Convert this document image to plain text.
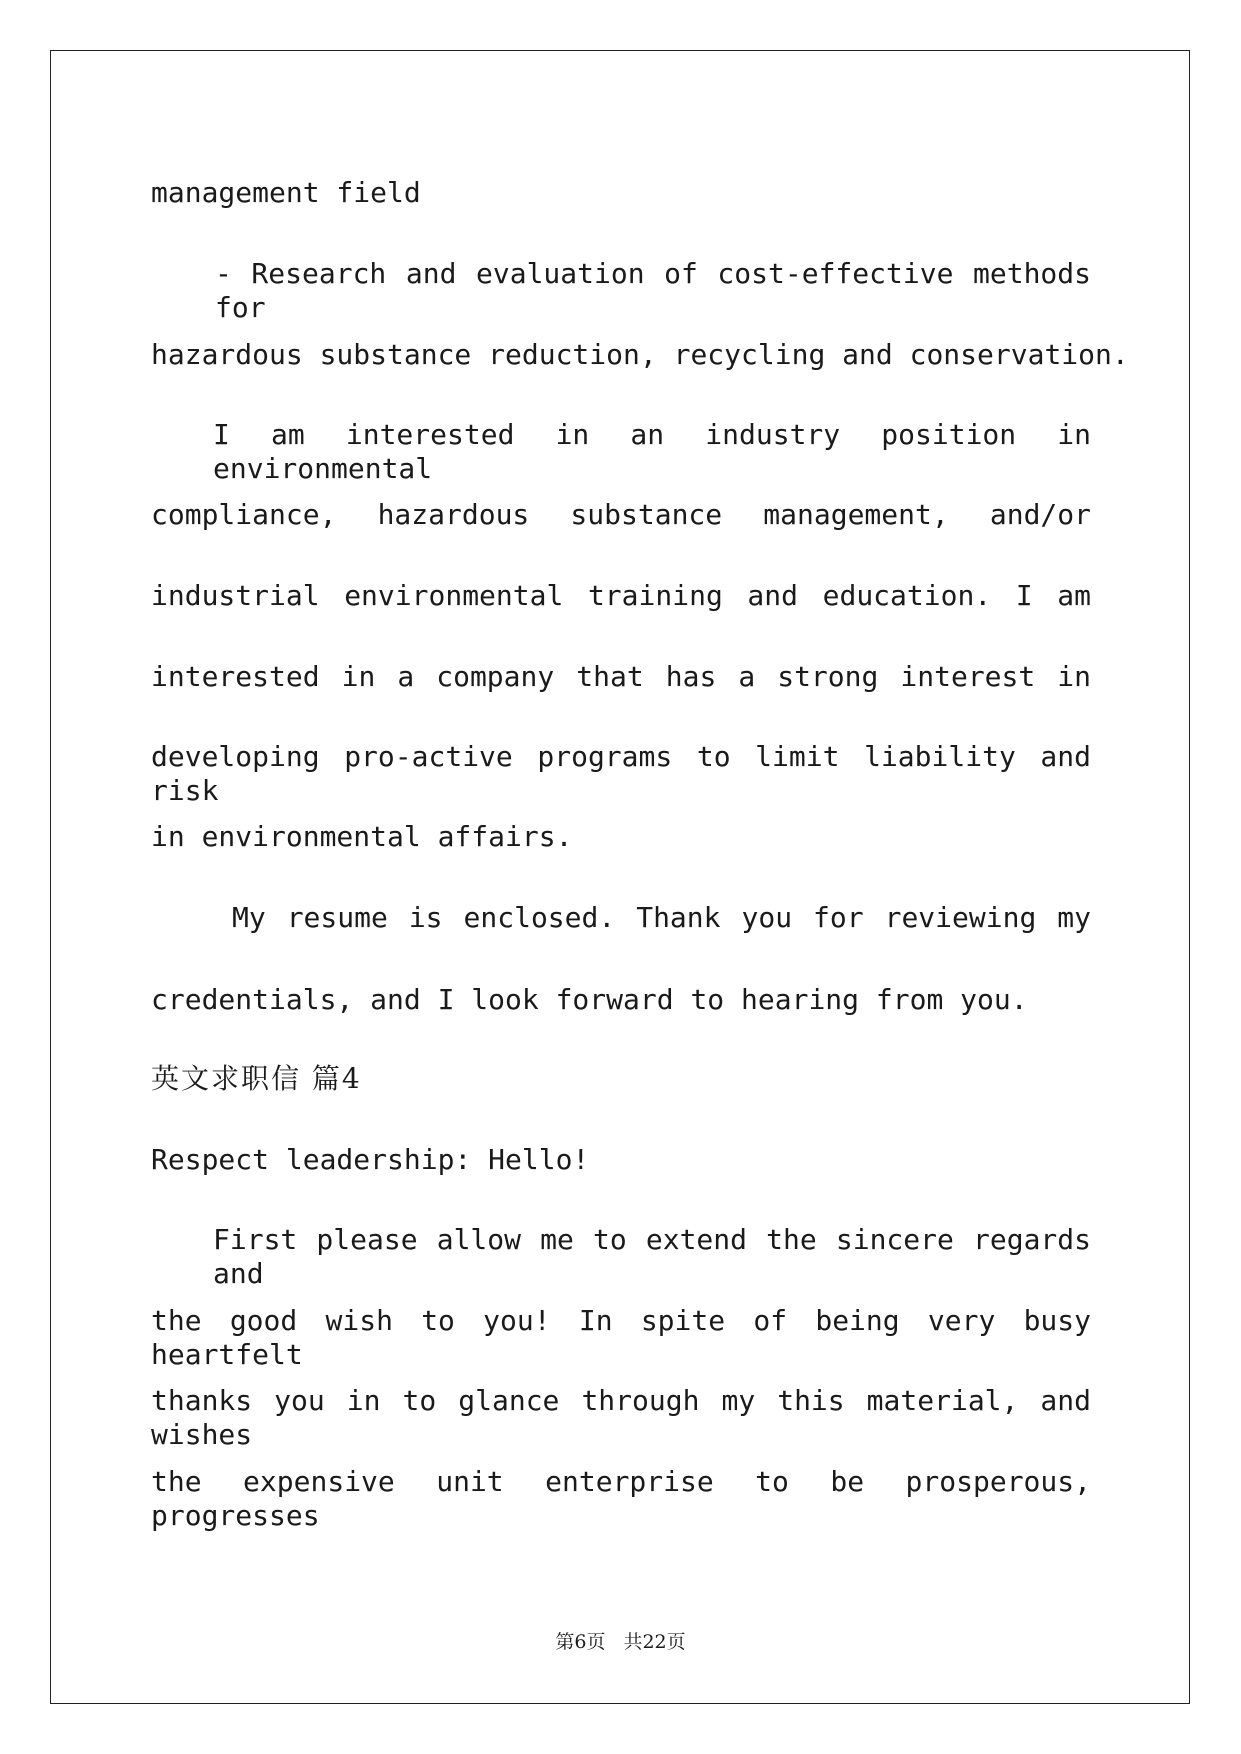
management field

- Research and evaluation of cost-effective methods for

hazardous substance reduction, recycling and conservation.

I am interested in an industry position in environmental

compliance, hazardous substance management, and/or

industrial environmental training and education. I am

interested in a company that has a strong interest in

developing pro-active programs to limit liability and risk

in environmental affairs.

My resume is enclosed. Thank you for reviewing my

credentials, and I look forward to hearing from you.

英文求职信 篇4

Respect leadership: Hello!

First please allow me to extend the sincere regards and

the good wish to you! In spite of being very busy heartfelt

thanks you in to glance through my this material, and wishes

the expensive unit enterprise to be prosperous, progresses

第6页 共22页
